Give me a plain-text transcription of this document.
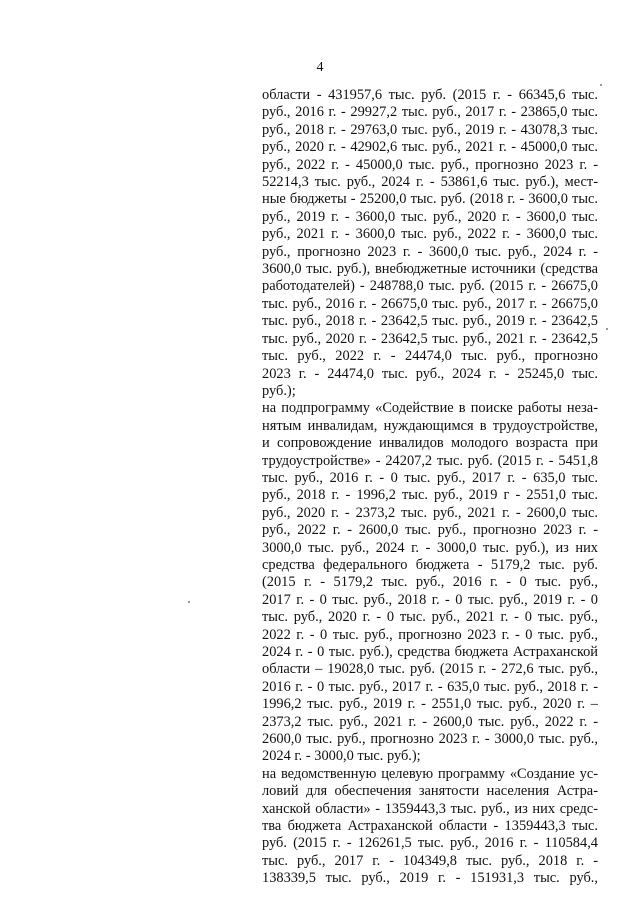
4

области - 431957,6 тыс. руб. (2015 г. - 66345,6 тыс.

руб., 2016 г. - 29927,2 тыс. руб., 2017 г. - 23865,0 тыс.

руб., 2018 г. - 29763,0 тыс. руб., 2019 г. - 43078,3 тыс.

руб., 2020 г. - 42902,6 тыс. руб., 2021 г. - 45000,0 тыс.

руб., 2022 г. - 45000,0 тыс. руб., прогнозно 2023 г. -

52214,3 тыс. руб., 2024 г. - 53861,6 тыс. руб.), мест-

ные бюджеты - 25200,0 тыс. руб. (2018 г. - 3600,0 тыс.

руб., 2019 г. - 3600,0 тыс. руб., 2020 г. - 3600,0 тыс.

руб., 2021 г. - 3600,0 тыс. руб., 2022 г. - 3600,0 тыс.

руб., прогнозно 2023 г. - 3600,0 тыс. руб., 2024 г. -

3600,0 тыс. руб.), внебюджетные источники (средства

работодателей) - 248788,0 тыс. руб. (2015 г. - 26675,0

тыс. руб., 2016 г. - 26675,0 тыс. руб., 2017 г. - 26675,0

тыс. руб., 2018 г. - 23642,5 тыс. руб., 2019 г. - 23642,5

тыс. руб., 2020 г. - 23642,5 тыс. руб., 2021 г. - 23642,5

тыс. руб., 2022 г. - 24474,0 тыс. руб., прогнозно

2023 г. - 24474,0 тыс. руб., 2024 г. - 25245,0 тыс.

руб.);

на подпрограмму «Содействие в поиске работы неза-

нятым инвалидам, нуждающимся в трудоустройстве,

и сопровождение инвалидов молодого возраста при

трудоустройстве» - 24207,2 тыс. руб. (2015 г. - 5451,8

тыс. руб., 2016 г. - 0 тыс. руб., 2017 г. - 635,0 тыс.

руб., 2018 г. - 1996,2 тыс. руб., 2019 г - 2551,0 тыс.

руб., 2020 г. - 2373,2 тыс. руб., 2021 г. - 2600,0 тыс.

руб., 2022 г. - 2600,0 тыс. руб., прогнозно 2023 г. -

3000,0 тыс. руб., 2024 г. - 3000,0 тыс. руб.), из них

средства федерального бюджета - 5179,2 тыс. руб.

(2015 г. - 5179,2 тыс. руб., 2016 г. - 0 тыс. руб.,

2017 г. - 0 тыс. руб., 2018 г. - 0 тыс. руб., 2019 г. - 0

тыс. руб., 2020 г. - 0 тыс. руб., 2021 г. - 0 тыс. руб.,

2022 г. - 0 тыс. руб., прогнозно 2023 г. - 0 тыс. руб.,

2024 г. - 0 тыс. руб.), средства бюджета Астраханской

области – 19028,0 тыс. руб. (2015 г. - 272,6 тыс. руб.,

2016 г. - 0 тыс. руб., 2017 г. - 635,0 тыс. руб., 2018 г. -

1996,2 тыс. руб., 2019 г. - 2551,0 тыс. руб., 2020 г. –

2373,2 тыс. руб., 2021 г. - 2600,0 тыс. руб., 2022 г. -

2600,0 тыс. руб., прогнозно 2023 г. - 3000,0 тыс. руб.,

2024 г. - 3000,0 тыс. руб.);

на ведомственную целевую программу «Создание ус-

ловий для обеспечения занятости населения Астра-

ханской области» - 1359443,3 тыс. руб., из них средс-

тва бюджета Астраханской области - 1359443,3 тыс.

руб. (2015 г. - 126261,5 тыс. руб., 2016 г. - 110584,4

тыс. руб., 2017 г. - 104349,8 тыс. руб., 2018 г. -

138339,5 тыс. руб., 2019 г. - 151931,3 тыс. руб.,
